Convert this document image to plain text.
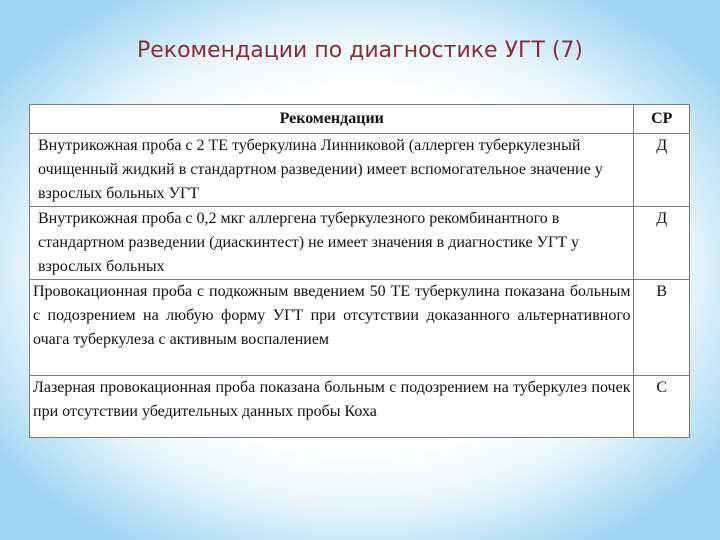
Рекомендации по диагностике УГТ (7)
Рекомендации	СР
Внутрикожная проба с 2 ТЕ туберкулина Линниковой (аллерген туберкулезный очищенный жидкий в стандартном разведении) имеет вспомогательное значение у взрослых больных УГТ	Д
Внутрикожная проба с 0,2 мкг аллергена туберкулезного рекомбинантного в стандартном разведении (диаскинтест) не имеет значения в диагностике УГТ у взрослых больных	Д
Провокационная проба с подкожным введением 50 ТЕ туберкулина показана больным с подозрением на любую форму УГТ при отсутствии доказанного альтернативного очага туберкулеза с активным воспалением	В
Лазерная провокационная проба показана больным с подозрением на туберкулез почек при отсутствии убедительных данных пробы Коха	С
